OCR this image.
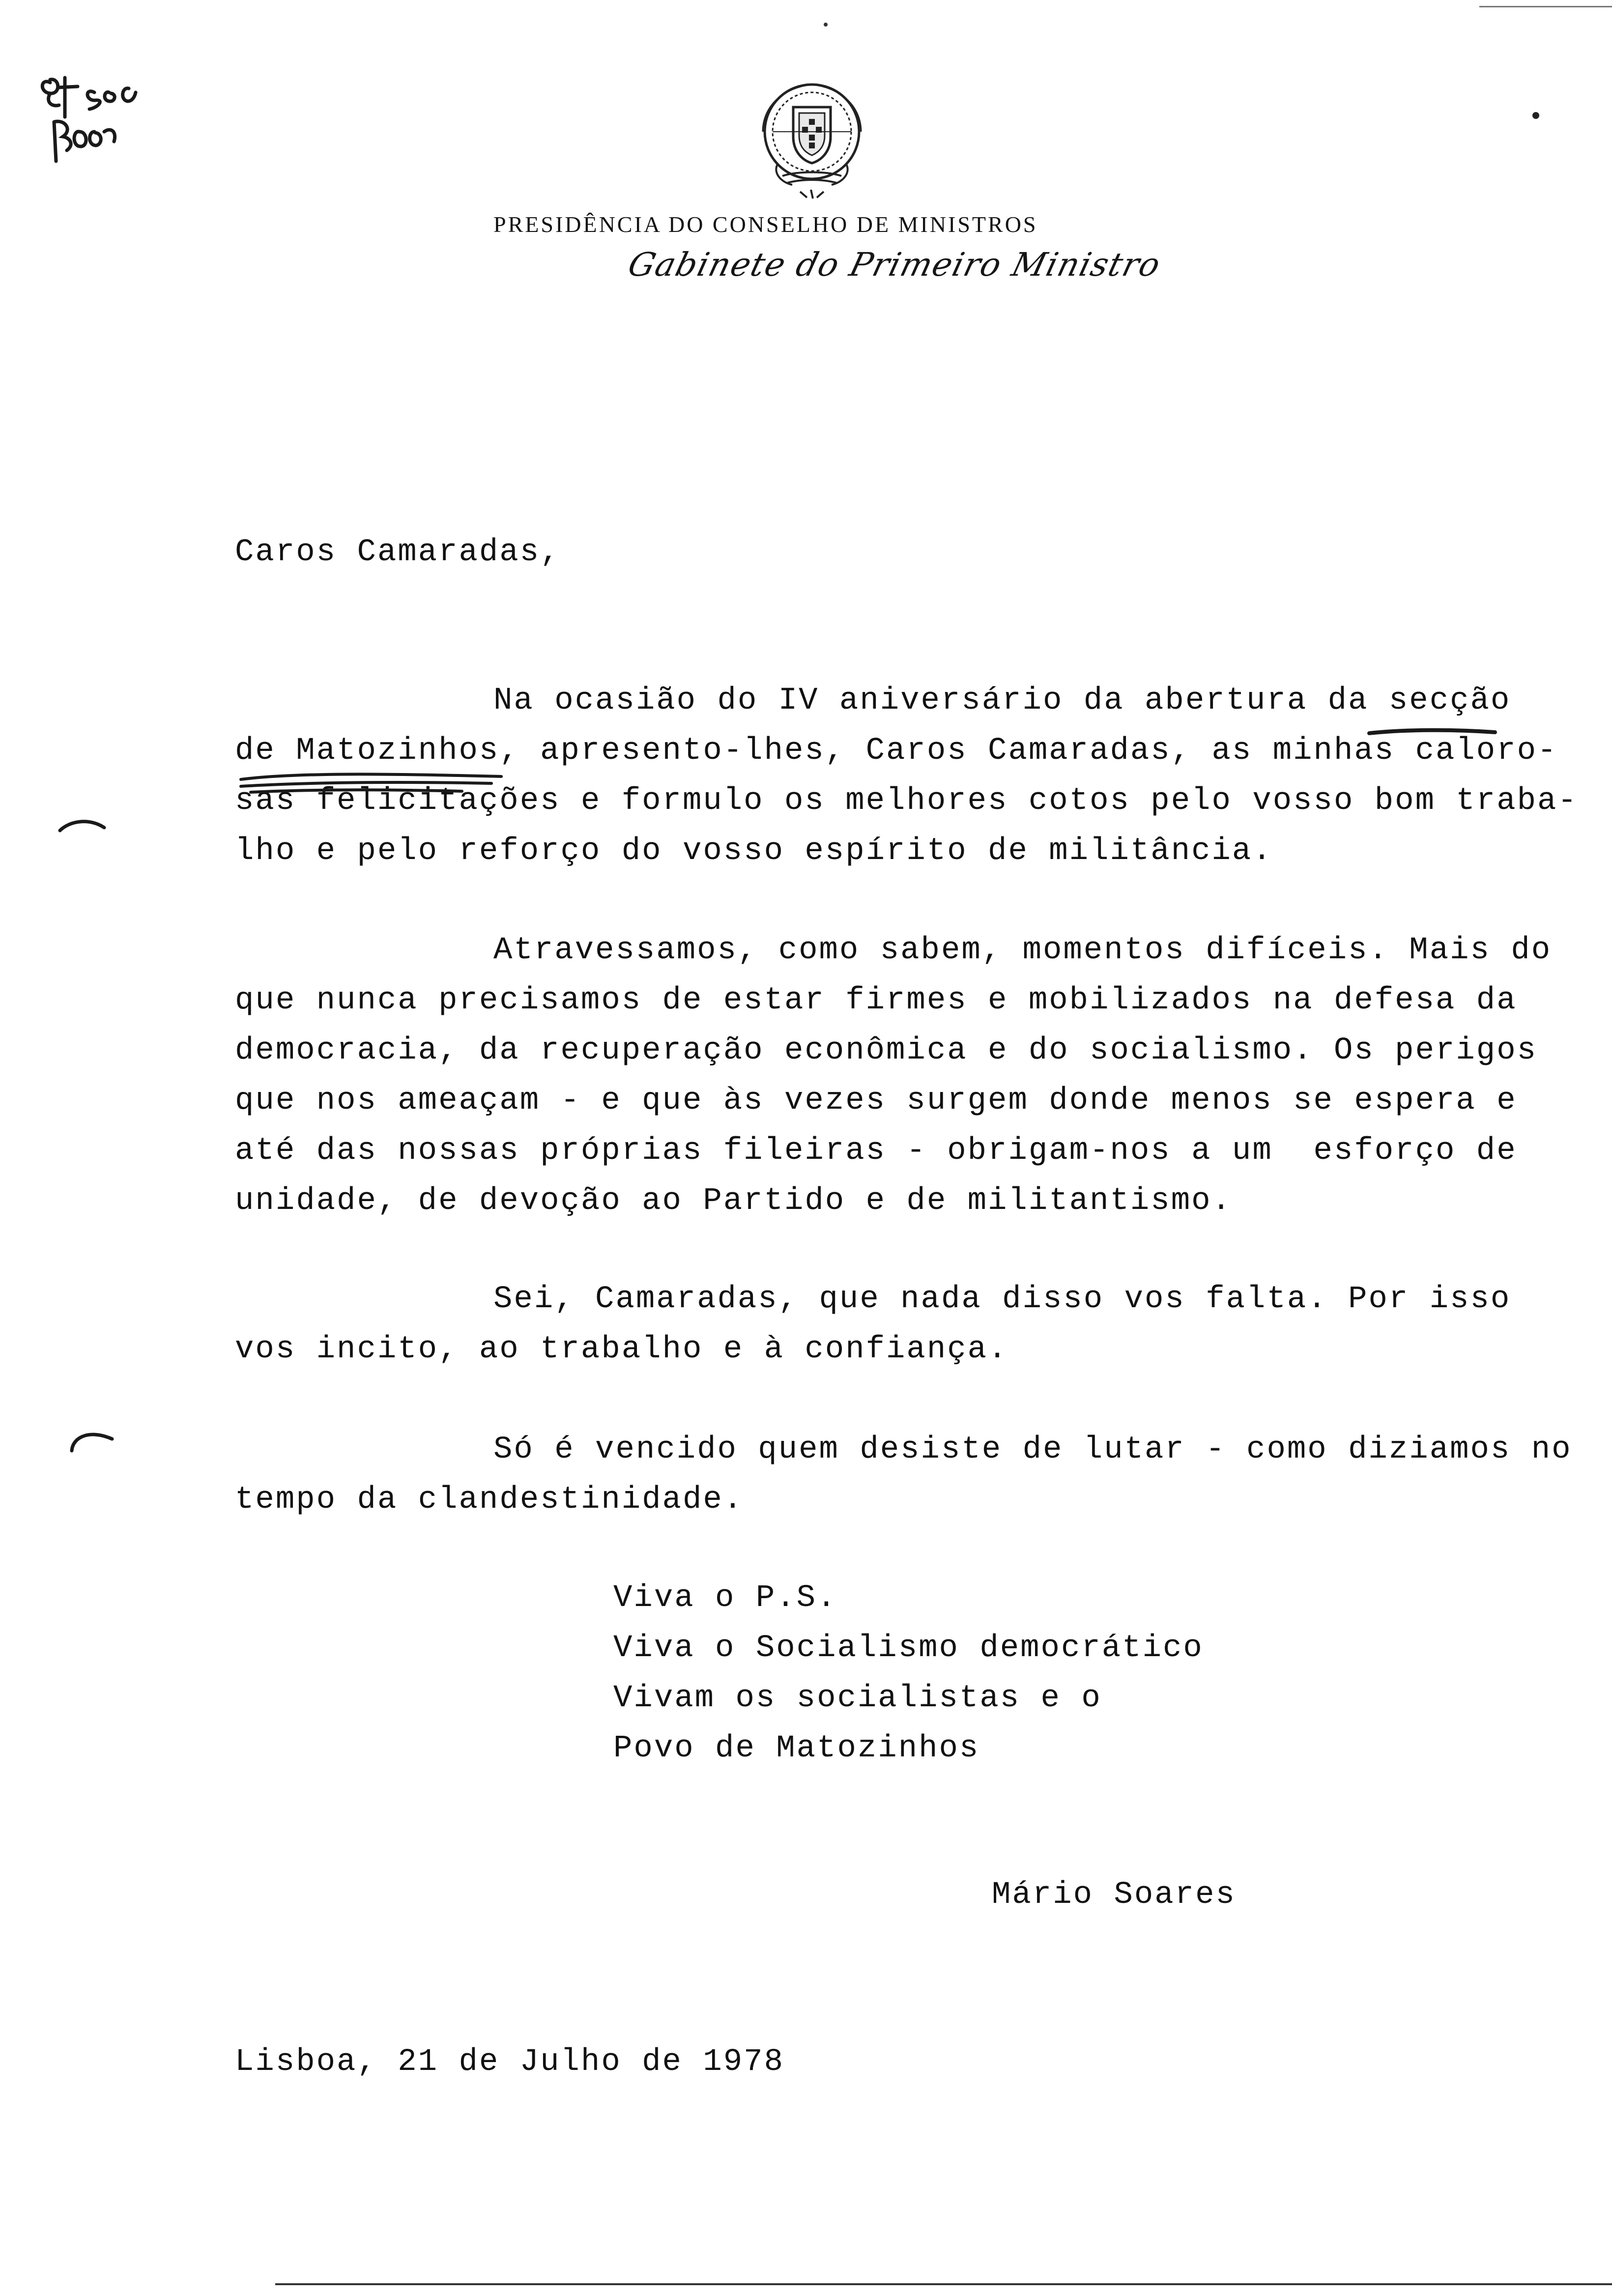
PRESIDÊNCIA DO CONSELHO DE MINISTROS
Gabinete do Primeiro Ministro
Caros Camaradas,
Na ocasião do IV aniversário da abertura da secção
de Matozinhos, apresento-lhes, Caros Camaradas, as minhas caloro-
sas felicitações e formulo os melhores cotos pelo vosso bom traba-
lho e pelo reforço do vosso espírito de militância.
Atravessamos, como sabem, momentos difíceis. Mais do
que nunca precisamos de estar firmes e mobilizados na defesa da
democracia, da recuperação econômica e do socialismo. Os perigos
que nos ameaçam - e que às vezes surgem donde menos se espera e
até das nossas próprias fileiras - obrigam-nos a um  esforço de
unidade, de devoção ao Partido e de militantismo.
Sei, Camaradas, que nada disso vos falta. Por isso
vos incito, ao trabalho e à confiança.
Só é vencido quem desiste de lutar - como diziamos no
tempo da clandestinidade.
Viva o P.S.
Viva o Socialismo democrático
Vivam os socialistas e o
Povo de Matozinhos
Mário Soares
Lisboa, 21 de Julho de 1978
